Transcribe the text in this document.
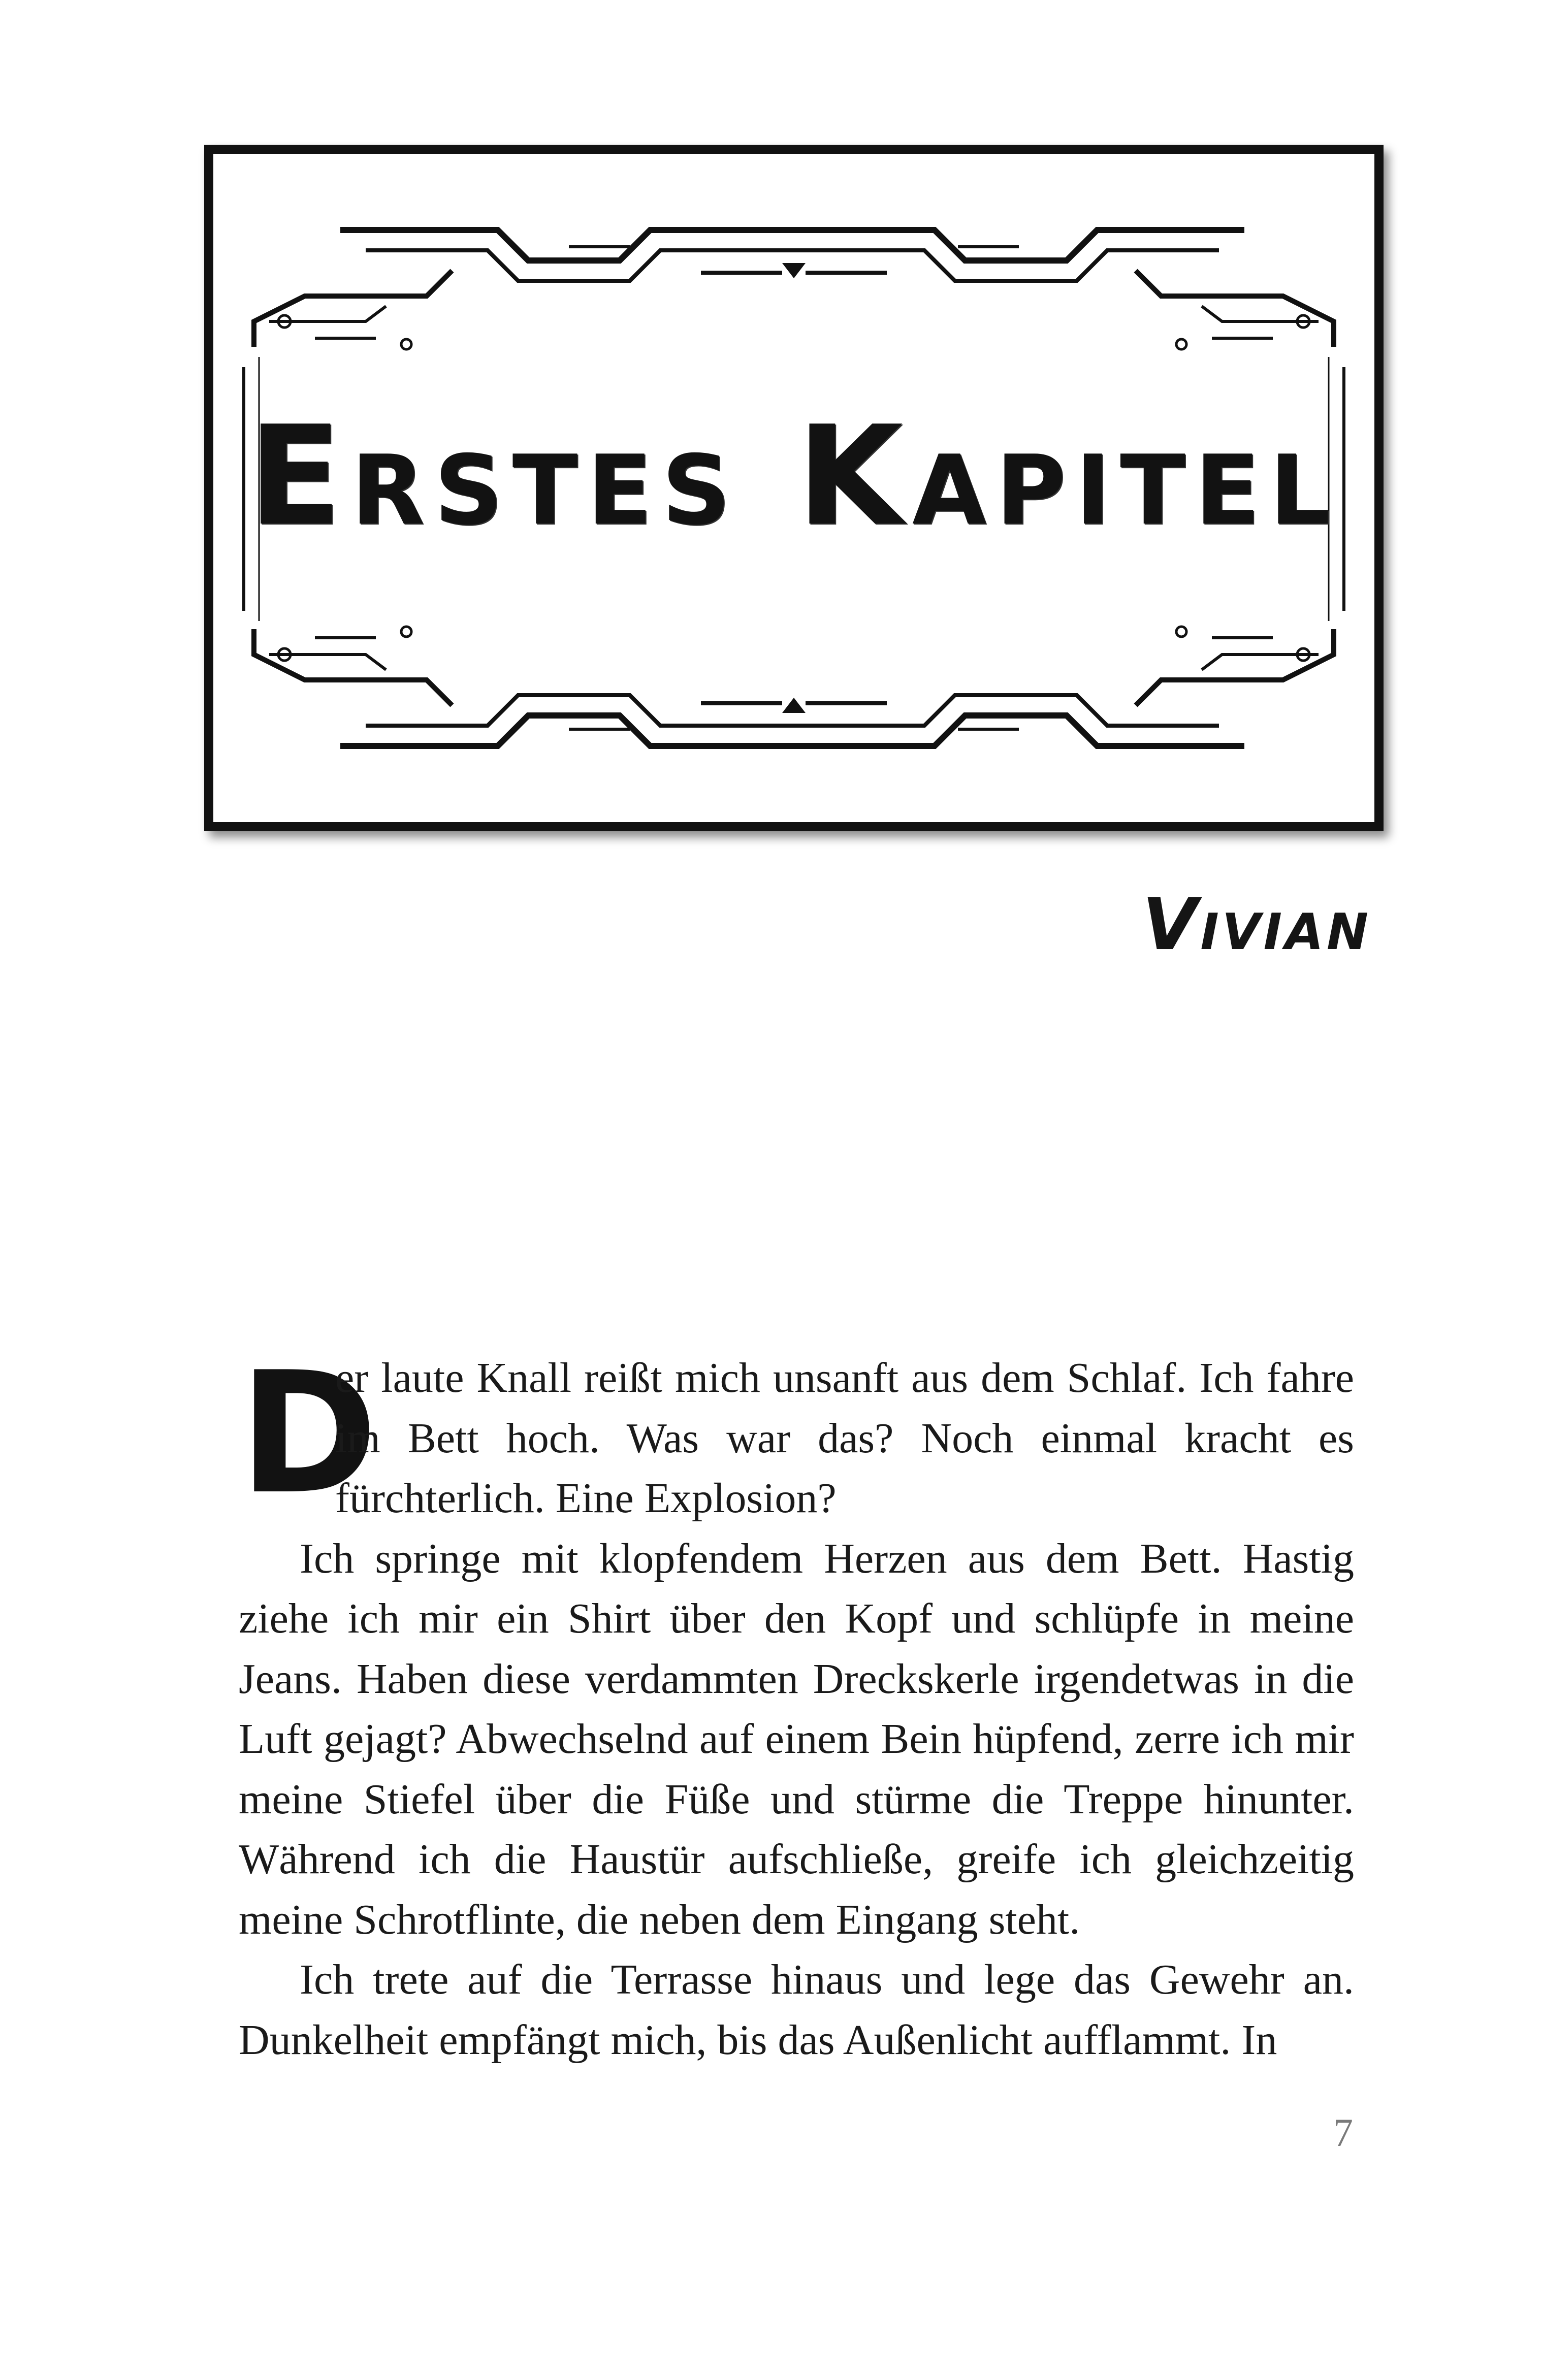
Erstes Kapitel
Vivian

D
er laute Knall reißt mich unsanft aus dem Schlaf. Ich fahre im Bett hoch. Was war das? Noch einmal kracht es fürchterlich. Eine Explosion?

Ich springe mit klopfendem Herzen aus dem Bett. Hastig ziehe ich mir ein Shirt über den Kopf und schlüpfe in meine Jeans. Haben diese verdammten Dreckskerle irgendetwas in die Luft gejagt? Abwechselnd auf einem Bein hüpfend, zerre ich mir meine Stiefel über die Füße und stürme die Treppe hinunter. Während ich die Haustür aufschließe, greife ich gleichzeitig meine Schrotflinte, die neben dem Eingang steht.

Ich trete auf die Terrasse hinaus und lege das Gewehr an. Dunkelheit empfängt mich, bis das Außenlicht aufflammt. In

7
